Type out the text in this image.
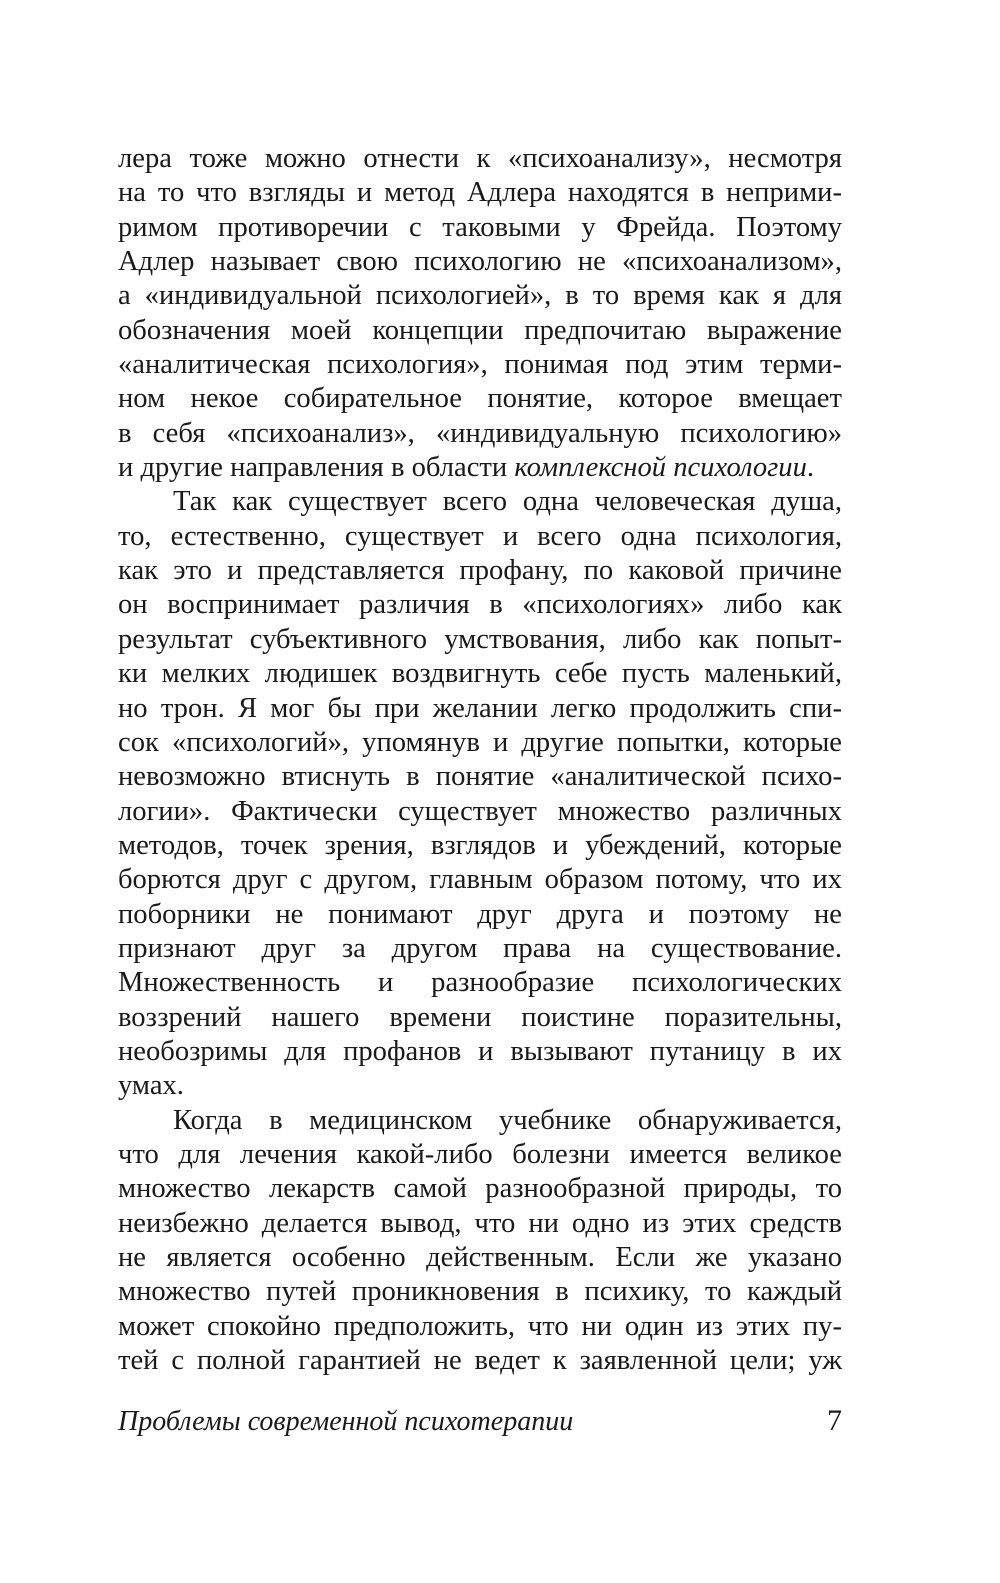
лера тоже можно отнести к «психоанализу», несмотря
на то что взгляды и метод Адлера находятся в неприми-
римом противоречии с таковыми у Фрейда. Поэтому
Адлер называет свою психологию не «психоанализом»,
а «индивидуальной психологией», в то время как я для
обозначения моей концепции предпочитаю выражение
«аналитическая психология», понимая под этим терми-
ном некое собирательное понятие, которое вмещает
в себя «психоанализ», «индивидуальную психологию»
и другие направления в области комплексной психологии.
Так как существует всего одна человеческая душа,
то, естественно, существует и всего одна психология,
как это и представляется профану, по каковой причине
он воспринимает различия в «психологиях» либо как
результат субъективного умствования, либо как попыт-
ки мелких людишек воздвигнуть себе пусть маленький,
но трон. Я мог бы при желании легко продолжить спи-
сок «психологий», упомянув и другие попытки, которые
невозможно втиснуть в понятие «аналитической психо-
логии». Фактически существует множество различных
методов, точек зрения, взглядов и убеждений, которые
борются друг с другом, главным образом потому, что их
поборники не понимают друг друга и поэтому не
признают друг за другом права на существование.
Множественность и разнообразие психологических
воззрений нашего времени поистине поразительны,
необозримы для профанов и вызывают путаницу в их
умах.
Когда в медицинском учебнике обнаруживается,
что для лечения какой-либо болезни имеется великое
множество лекарств самой разнообразной природы, то
неизбежно делается вывод, что ни одно из этих средств
не является особенно действенным. Если же указано
множество путей проникновения в психику, то каждый
может спокойно предположить, что ни один из этих пу-
тей с полной гарантией не ведет к заявленной цели; уж
Проблемы современной психотерапии	7
